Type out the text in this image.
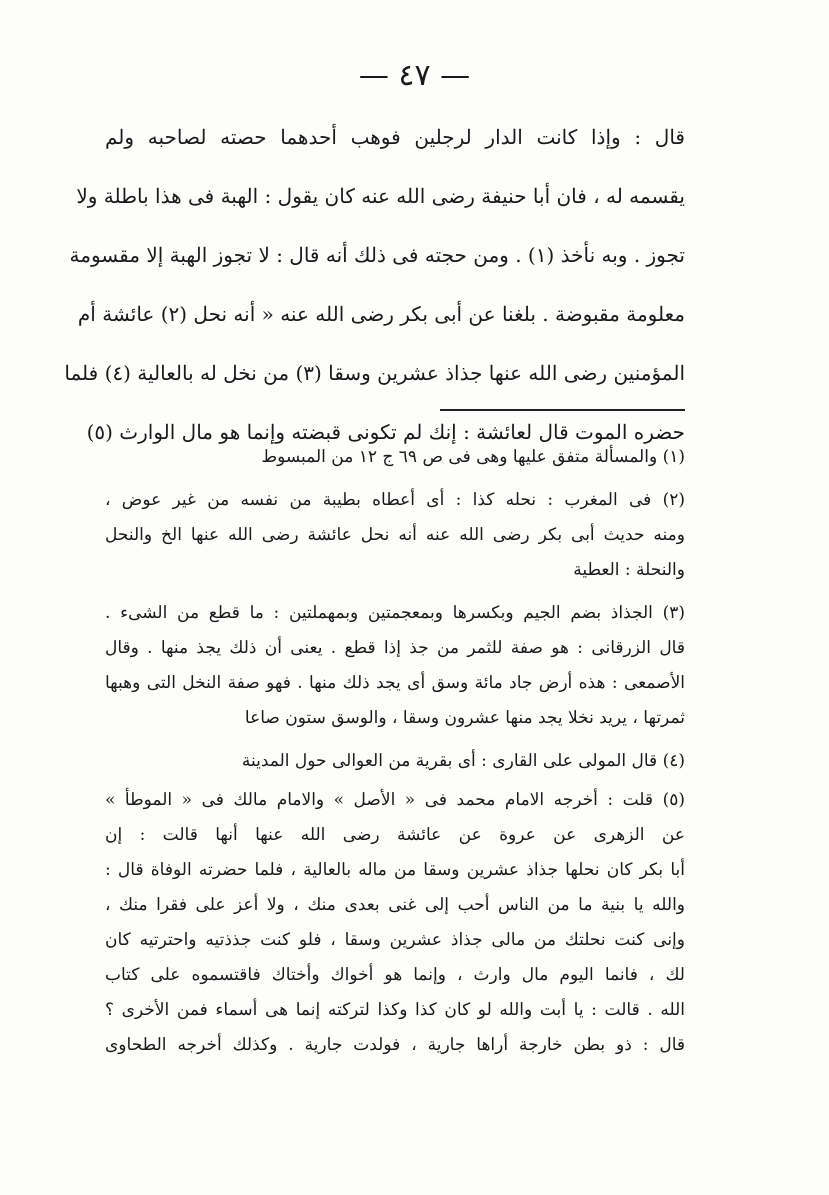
— ٤٧ —
قال : وإذا كانت الدار لرجلين فوهب أحدهما حصته لصاحبه ولم
يقسمه له ، فان أبا حنيفة رضى الله عنه كان يقول : الهبة فى هذا باطلة ولا
تجوز . وبه نأخذ (١) . ومن حجته فى ذلك أنه قال : لا تجوز الهبة إلا مقسومة
معلومة مقبوضة . بلغنا عن أبى بكر رضى الله عنه « أنه نحل (٢) عائشة أم
المؤمنين رضى الله عنها جذاذ عشرين وسقا (٣) من نخل له بالعالية (٤) فلما
حضره الموت قال لعائشة : إنك لم تكونى قبضته وإنما هو مال الوارث (٥)
(١) والمسألة متفق عليها وهى فى ص ٦٩ ج ١٢ من المبسوط
(٢) فى المغرب : نحله كذا : أى أعطاه بطيبة من نفسه من غير عوض ،
ومنه حديث أبى بكر رضى الله عنه أنه نحل عائشة رضى الله عنها الخ والنحل
والنحلة : العطية
(٣) الجذاذ بضم الجيم وبكسرها وبمعجمتين وبمهملتين : ما قطع من الشىء .
قال الزرقانى : هو صفة للثمر من جذ إذا قطع . يعنى أن ذلك يجذ منها . وقال
الأصمعى : هذه أرض جاد مائة وسق أى يجد ذلك منها . فهو صفة النخل التى وهبها
ثمرتها ، يريد نخلا يجد منها عشرون وسقا ، والوسق ستون صاعا
(٤) قال المولى على القارى : أى بقرية من العوالى حول المدينة
(٥) قلت : أخرجه الامام محمد فى « الأصل » والامام مالك فى « الموطأ »
عن الزهرى عن عروة عن عائشة رضى الله عنها أنها قالت : إن
أبا بكر كان نحلها جذاذ عشرين وسقا من ماله بالعالية ، فلما حضرته الوفاة قال :
والله يا بنية ما من الناس أحب إلى غنى بعدى منك ، ولا أعز على فقرا منك ،
وإنى كنت نحلتك من مالى جذاذ عشرين وسقا ، فلو كنت جذذتيه واحترتيه كان
لك ، فانما اليوم مال وارث ، وإنما هو أخواك وأختاك فاقتسموه على كتاب
الله . قالت : يا أبت والله لو كان كذا وكذا لتركته إنما هى أسماء فمن الأخرى ؟
قال : ذو بطن خارجة أراها جارية ، فولدت جارية . وكذلك أخرجه الطحاوى
